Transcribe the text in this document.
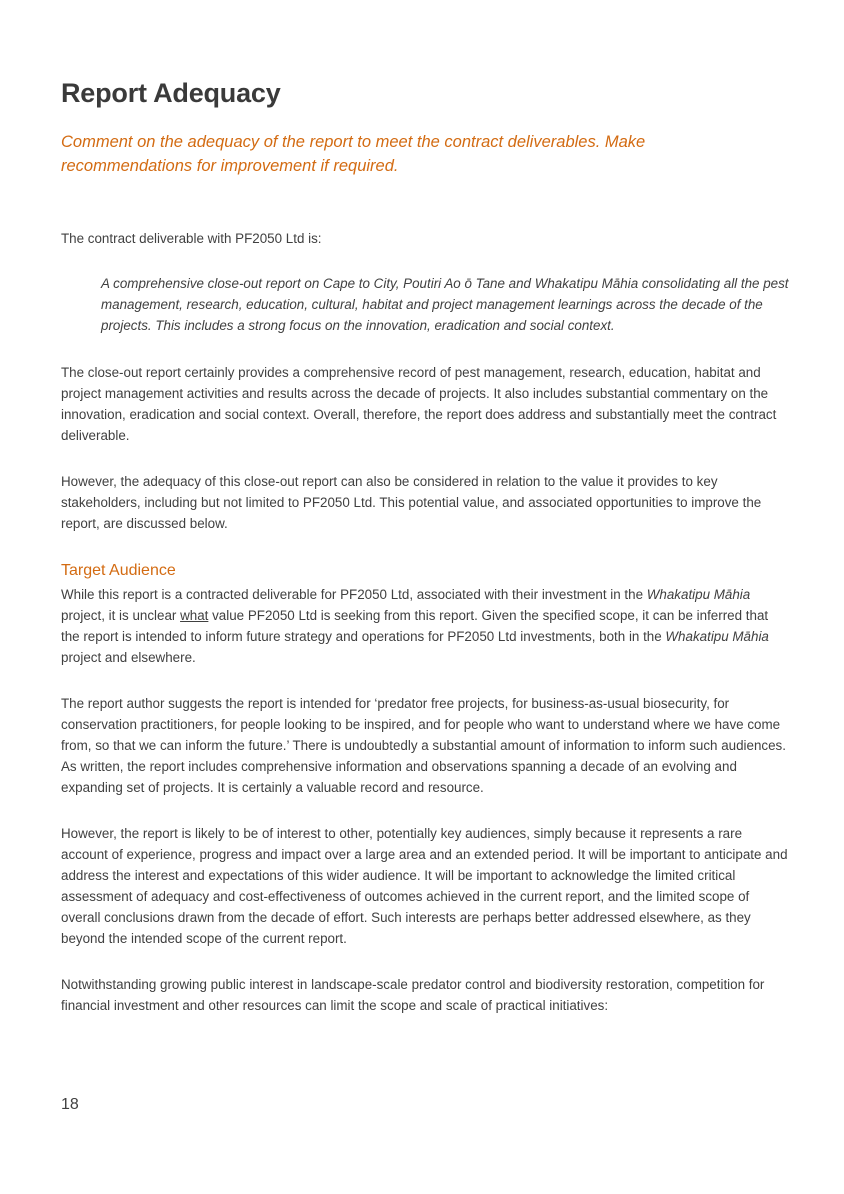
Report Adequacy

Comment on the adequacy of the report to meet the contract deliverables. Make recommendations for improvement if required.

The contract deliverable with PF2050 Ltd is:

A comprehensive close-out report on Cape to City, Poutiri Ao ō Tane and Whakatipu Māhia consolidating all the pest management, research, education, cultural, habitat and project management learnings across the decade of the projects. This includes a strong focus on the innovation, eradication and social context.

The close-out report certainly provides a comprehensive record of pest management, research, education, habitat and project management activities and results across the decade of projects. It also includes substantial commentary on the innovation, eradication and social context. Overall, therefore, the report does address and substantially meet the contract deliverable.

However, the adequacy of this close-out report can also be considered in relation to the value it provides to key stakeholders, including but not limited to PF2050 Ltd. This potential value, and associated opportunities to improve the report, are discussed below.

Target Audience

While this report is a contracted deliverable for PF2050 Ltd, associated with their investment in the Whakatipu Māhia project, it is unclear what value PF2050 Ltd is seeking from this report. Given the specified scope, it can be inferred that the report is intended to inform future strategy and operations for PF2050 Ltd investments, both in the Whakatipu Māhia project and elsewhere.

The report author suggests the report is intended for ‘predator free projects, for business-as-usual biosecurity, for conservation practitioners, for people looking to be inspired, and for people who want to understand where we have come from, so that we can inform the future.’ There is undoubtedly a substantial amount of information to inform such audiences. As written, the report includes comprehensive information and observations spanning a decade of an evolving and expanding set of projects. It is certainly a valuable record and resource.

However, the report is likely to be of interest to other, potentially key audiences, simply because it represents a rare account of experience, progress and impact over a large area and an extended period. It will be important to anticipate and address the interest and expectations of this wider audience. It will be important to acknowledge the limited critical assessment of adequacy and cost-effectiveness of outcomes achieved in the current report, and the limited scope of overall conclusions drawn from the decade of effort. Such interests are perhaps better addressed elsewhere, as they beyond the intended scope of the current report.

Notwithstanding growing public interest in landscape-scale predator control and biodiversity restoration, competition for financial investment and other resources can limit the scope and scale of practical initiatives:

18
